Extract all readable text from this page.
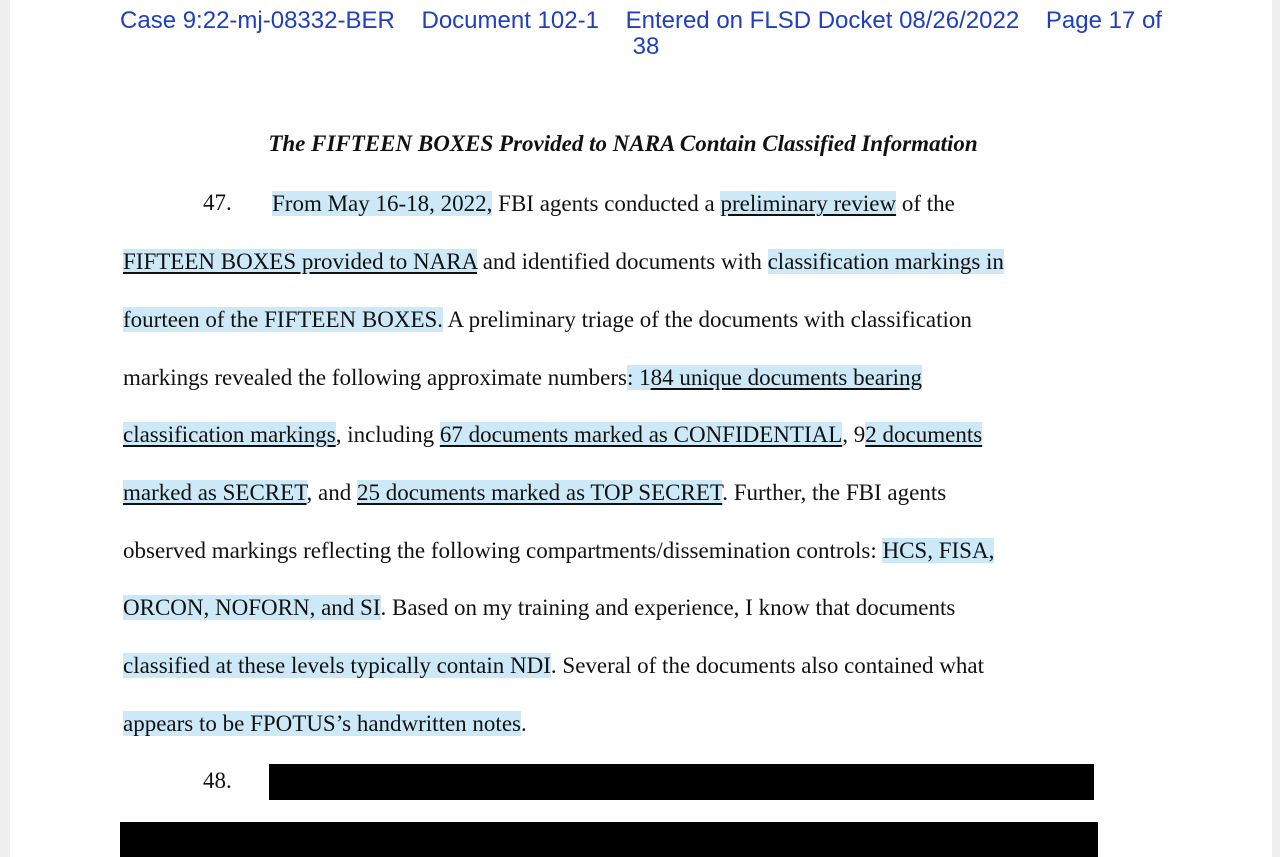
Case 9:22-mj-08332-BER Document 102-1 Entered on FLSD Docket 08/26/2022 Page 17 of
38
The FIFTEEN BOXES Provided to NARA Contain Classified Information
47. From May 16-18, 2022, FBI agents conducted a preliminary review of the
FIFTEEN BOXES provided to NARA and identified documents with classification markings in
fourteen of the FIFTEEN BOXES. A preliminary triage of the documents with classification
markings revealed the following approximate numbers: 184 unique documents bearing
classification markings, including 67 documents marked as CONFIDENTIAL, 92 documents
marked as SECRET, and 25 documents marked as TOP SECRET. Further, the FBI agents
observed markings reflecting the following compartments/dissemination controls: HCS, FISA,
ORCON, NOFORN, and SI. Based on my training and experience, I know that documents
classified at these levels typically contain NDI. Several of the documents also contained what
appears to be FPOTUS’s handwritten notes.
48.
